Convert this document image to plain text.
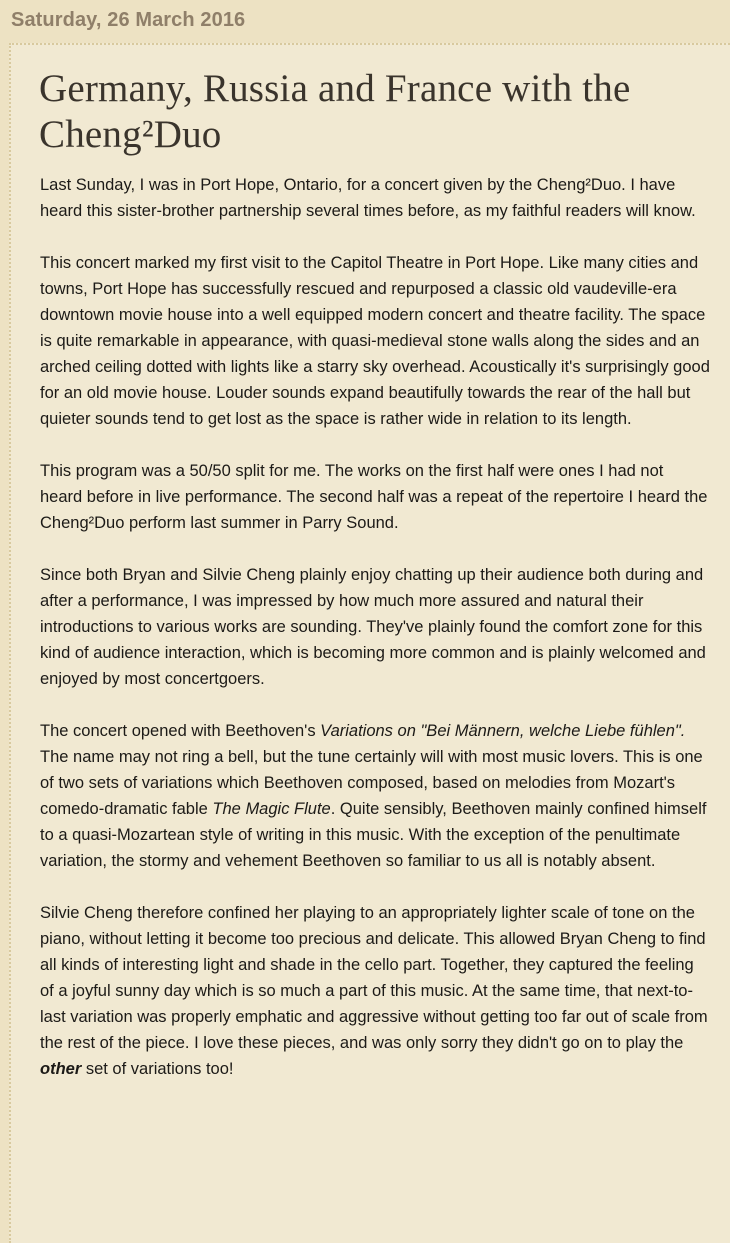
Saturday, 26 March 2016
Germany, Russia and France with the Cheng²Duo

Last Sunday, I was in Port Hope, Ontario, for a concert given by the Cheng²Duo. I have heard this sister-brother partnership several times before, as my faithful readers will know.

This concert marked my first visit to the Capitol Theatre in Port Hope. Like many cities and towns, Port Hope has successfully rescued and repurposed a classic old vaudeville-era downtown movie house into a well equipped modern concert and theatre facility. The space is quite remarkable in appearance, with quasi-medieval stone walls along the sides and an arched ceiling dotted with lights like a starry sky overhead. Acoustically it's surprisingly good for an old movie house. Louder sounds expand beautifully towards the rear of the hall but quieter sounds tend to get lost as the space is rather wide in relation to its length.

This program was a 50/50 split for me. The works on the first half were ones I had not heard before in live performance. The second half was a repeat of the repertoire I heard the Cheng²Duo perform last summer in Parry Sound.

Since both Bryan and Silvie Cheng plainly enjoy chatting up their audience both during and after a performance, I was impressed by how much more assured and natural their introductions to various works are sounding. They've plainly found the comfort zone for this kind of audience interaction, which is becoming more common and is plainly welcomed and enjoyed by most concertgoers.

The concert opened with Beethoven's Variations on "Bei Männern, welche Liebe fühlen". The name may not ring a bell, but the tune certainly will with most music lovers. This is one of two sets of variations which Beethoven composed, based on melodies from Mozart's comedo-dramatic fable The Magic Flute. Quite sensibly, Beethoven mainly confined himself to a quasi-Mozartean style of writing in this music. With the exception of the penultimate variation, the stormy and vehement Beethoven so familiar to us all is notably absent.

Silvie Cheng therefore confined her playing to an appropriately lighter scale of tone on the piano, without letting it become too precious and delicate. This allowed Bryan Cheng to find all kinds of interesting light and shade in the cello part. Together, they captured the feeling of a joyful sunny day which is so much a part of this music. At the same time, that next-to-last variation was properly emphatic and aggressive without getting too far out of scale from the rest of the piece. I love these pieces, and was only sorry they didn't go on to play the other set of variations too!
